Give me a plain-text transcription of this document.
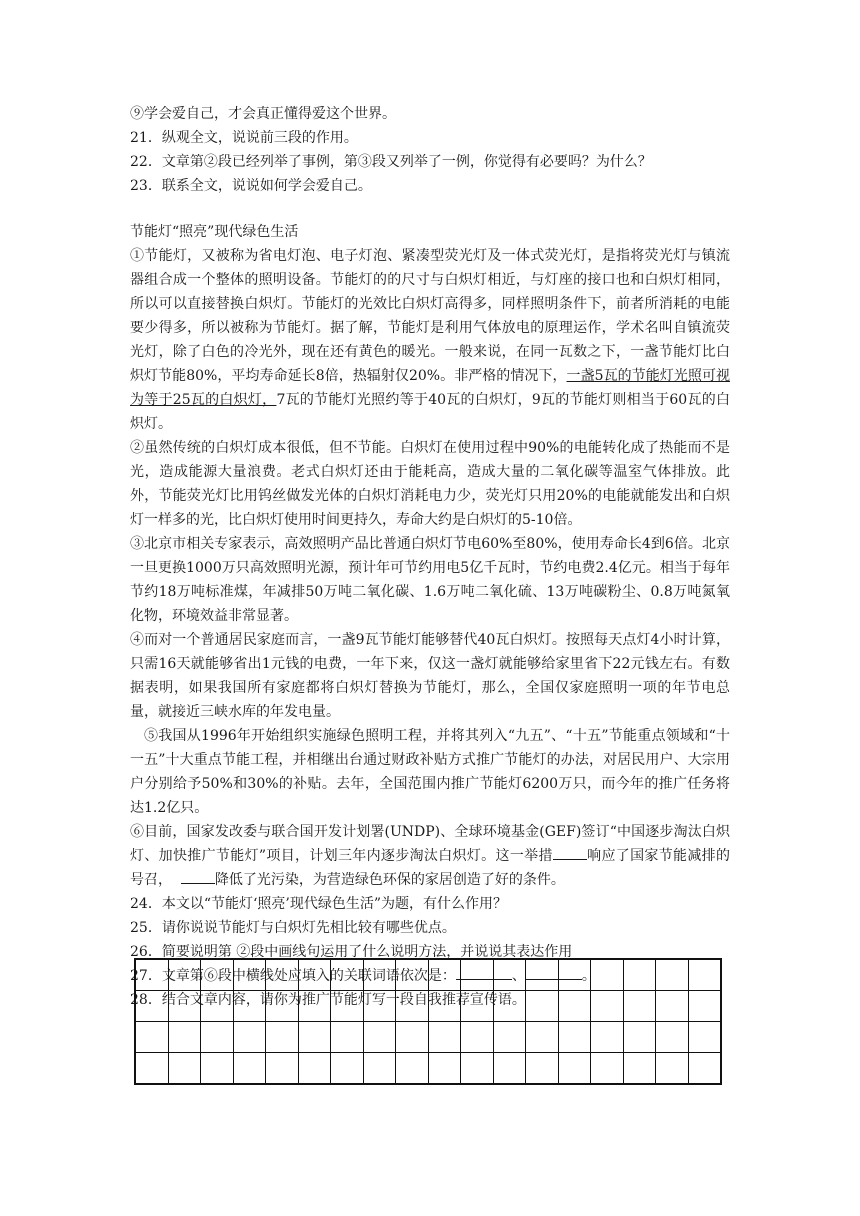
⑨学会爱自己，才会真正懂得爱这个世界。
21．纵观全文，说说前三段的作用。
22．文章第②段已经列举了事例，第③段又列举了一例，你觉得有必要吗？为什么？
23．联系全文，说说如何学会爱自己。
节能灯“照亮”现代绿色生活
①节能灯，又被称为省电灯泡、电子灯泡、紧凑型荧光灯及一体式荧光灯，是指将荧光灯与镇流器组合成一个整体的照明设备。节能灯的的尺寸与白炽灯相近，与灯座的接口也和白炽灯相同，所以可以直接替换白炽灯。节能灯的光效比白炽灯高得多，同样照明条件下，前者所消耗的电能要少得多，所以被称为节能灯。据了解，节能灯是利用气体放电的原理运作，学术名叫自镇流荧光灯，除了白色的冷光外，现在还有黄色的暖光。一般来说，在同一瓦数之下，一盏节能灯比白炽灯节能80%，平均寿命延长8倍，热辐射仅20%。非严格的情况下，一盏5瓦的节能灯光照可视为等于25瓦的白炽灯，7瓦的节能灯光照约等于40瓦的白炽灯，9瓦的节能灯则相当于60瓦的白炽灯。
②虽然传统的白炽灯成本很低，但不节能。白炽灯在使用过程中90%的电能转化成了热能而不是光，造成能源大量浪费。老式白炽灯还由于能耗高，造成大量的二氧化碳等温室气体排放。此外，节能荧光灯比用钨丝做发光体的白炽灯消耗电力少，荧光灯只用20%的电能就能发出和白炽灯一样多的光，比白炽灯使用时间更持久，寿命大约是白炽灯的5-10倍。
③北京市相关专家表示，高效照明产品比普通白炽灯节电60%至80%，使用寿命长4到6倍。北京一旦更换1000万只高效照明光源，预计年可节约用电5亿千瓦时，节约电费2.4亿元。相当于每年节约18万吨标准煤，年减排50万吨二氧化碳、1.6万吨二氧化硫、13万吨碳粉尘、0.8万吨氮氧化物，环境效益非常显著。
④而对一个普通居民家庭而言，一盏9瓦节能灯能够替代40瓦白炽灯。按照每天点灯4小时计算，只需16天就能够省出1元钱的电费，一年下来，仅这一盏灯就能够给家里省下22元钱左右。有数据表明，如果我国所有家庭都将白炽灯替换为节能灯，那么，全国仅家庭照明一项的年节电总量，就接近三峡水库的年发电量。
⑤我国从1996年开始组织实施绿色照明工程，并将其列入“九五”、“十五”节能重点领域和“十一五”十大重点节能工程，并相继出台通过财政补贴方式推广节能灯的办法，对居民用户、大宗用户分别给予50%和30%的补贴。去年，全国范围内推广节能灯6200万只，而今年的推广任务将达1.2亿只。
⑥目前，国家发改委与联合国开发计划署(UNDP)、全球环境基金(GEF)签订“中国逐步淘汰白炽灯、加快推广节能灯”项目，计划三年内逐步淘汰白炽灯。这一举措 响应了国家节能减排的号召，	降低了光污染，为营造绿色环保的家居创造了好的条件。
24．本文以“节能灯‘照亮’现代绿色生活”为题，有什么作用？
25．请你说说节能灯与白炽灯先相比较有哪些优点。
26．简要说明第 ②段中画线句运用了什么说明方法，并说说其表达作用
27．文章第⑥段中横线处应填入的关联词语依次是：	、	。
28．结合文章内容，请你为推广节能灯写一段自我推荐宣传语。
